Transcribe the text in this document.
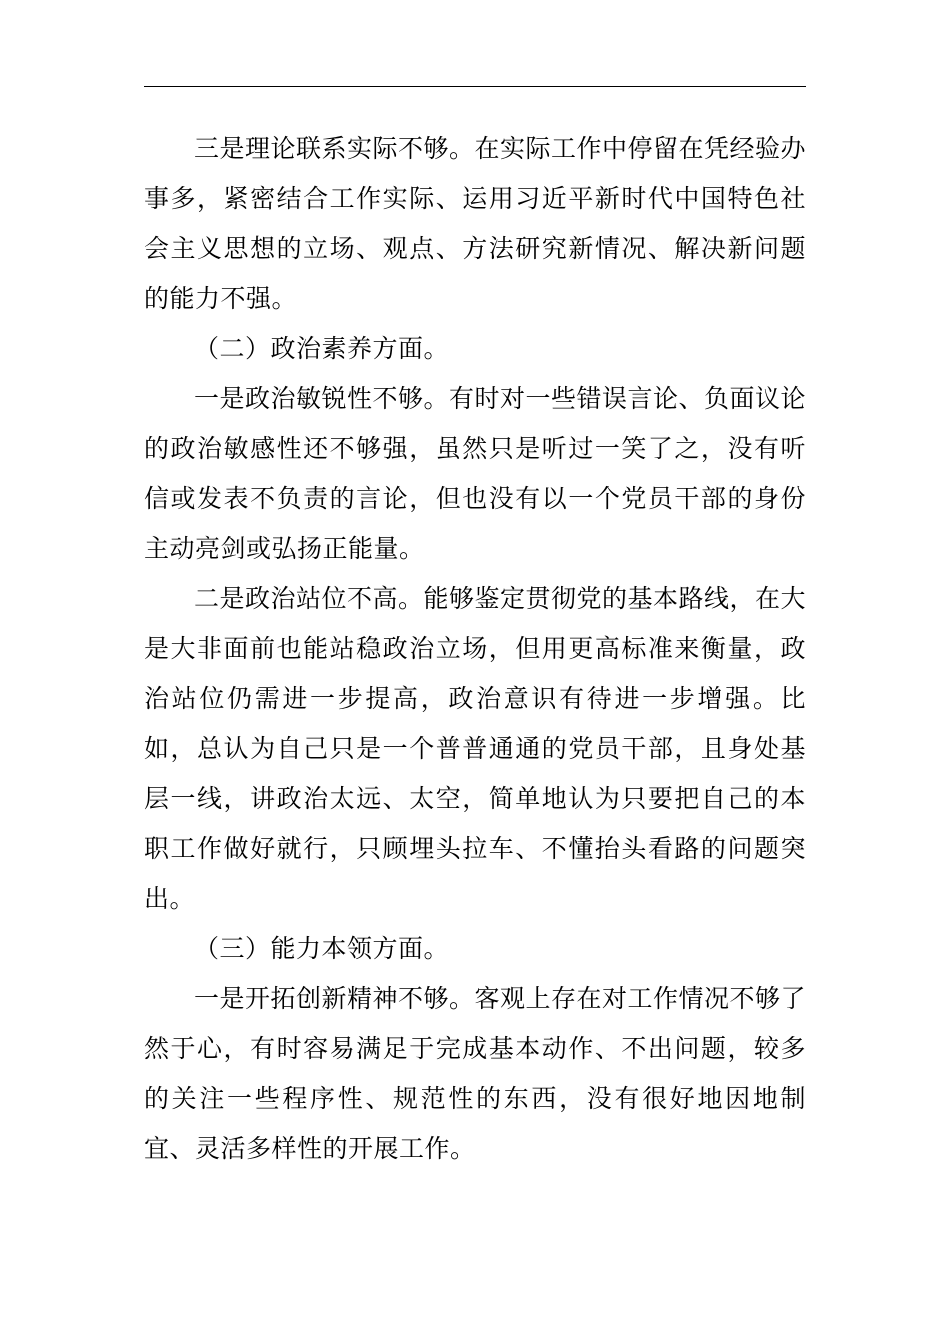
三是理论联系实际不够。在实际工作中停留在凭经验办事多，紧密结合工作实际、运用习近平新时代中国特色社会主义思想的立场、观点、方法研究新情况、解决新问题的能力不强。

（二）政治素养方面。

一是政治敏锐性不够。有时对一些错误言论、负面议论的政治敏感性还不够强，虽然只是听过一笑了之，没有听信或发表不负责的言论，但也没有以一个党员干部的身份主动亮剑或弘扬正能量。

二是政治站位不高。能够鉴定贯彻党的基本路线，在大是大非面前也能站稳政治立场，但用更高标准来衡量，政治站位仍需进一步提高，政治意识有待进一步增强。比如，总认为自己只是一个普普通通的党员干部，且身处基层一线，讲政治太远、太空，简单地认为只要把自己的本职工作做好就行，只顾埋头拉车、不懂抬头看路的问题突出。

（三）能力本领方面。

一是开拓创新精神不够。客观上存在对工作情况不够了然于心，有时容易满足于完成基本动作、不出问题，较多的关注一些程序性、规范性的东西，没有很好地因地制宜、灵活多样性的开展工作。
